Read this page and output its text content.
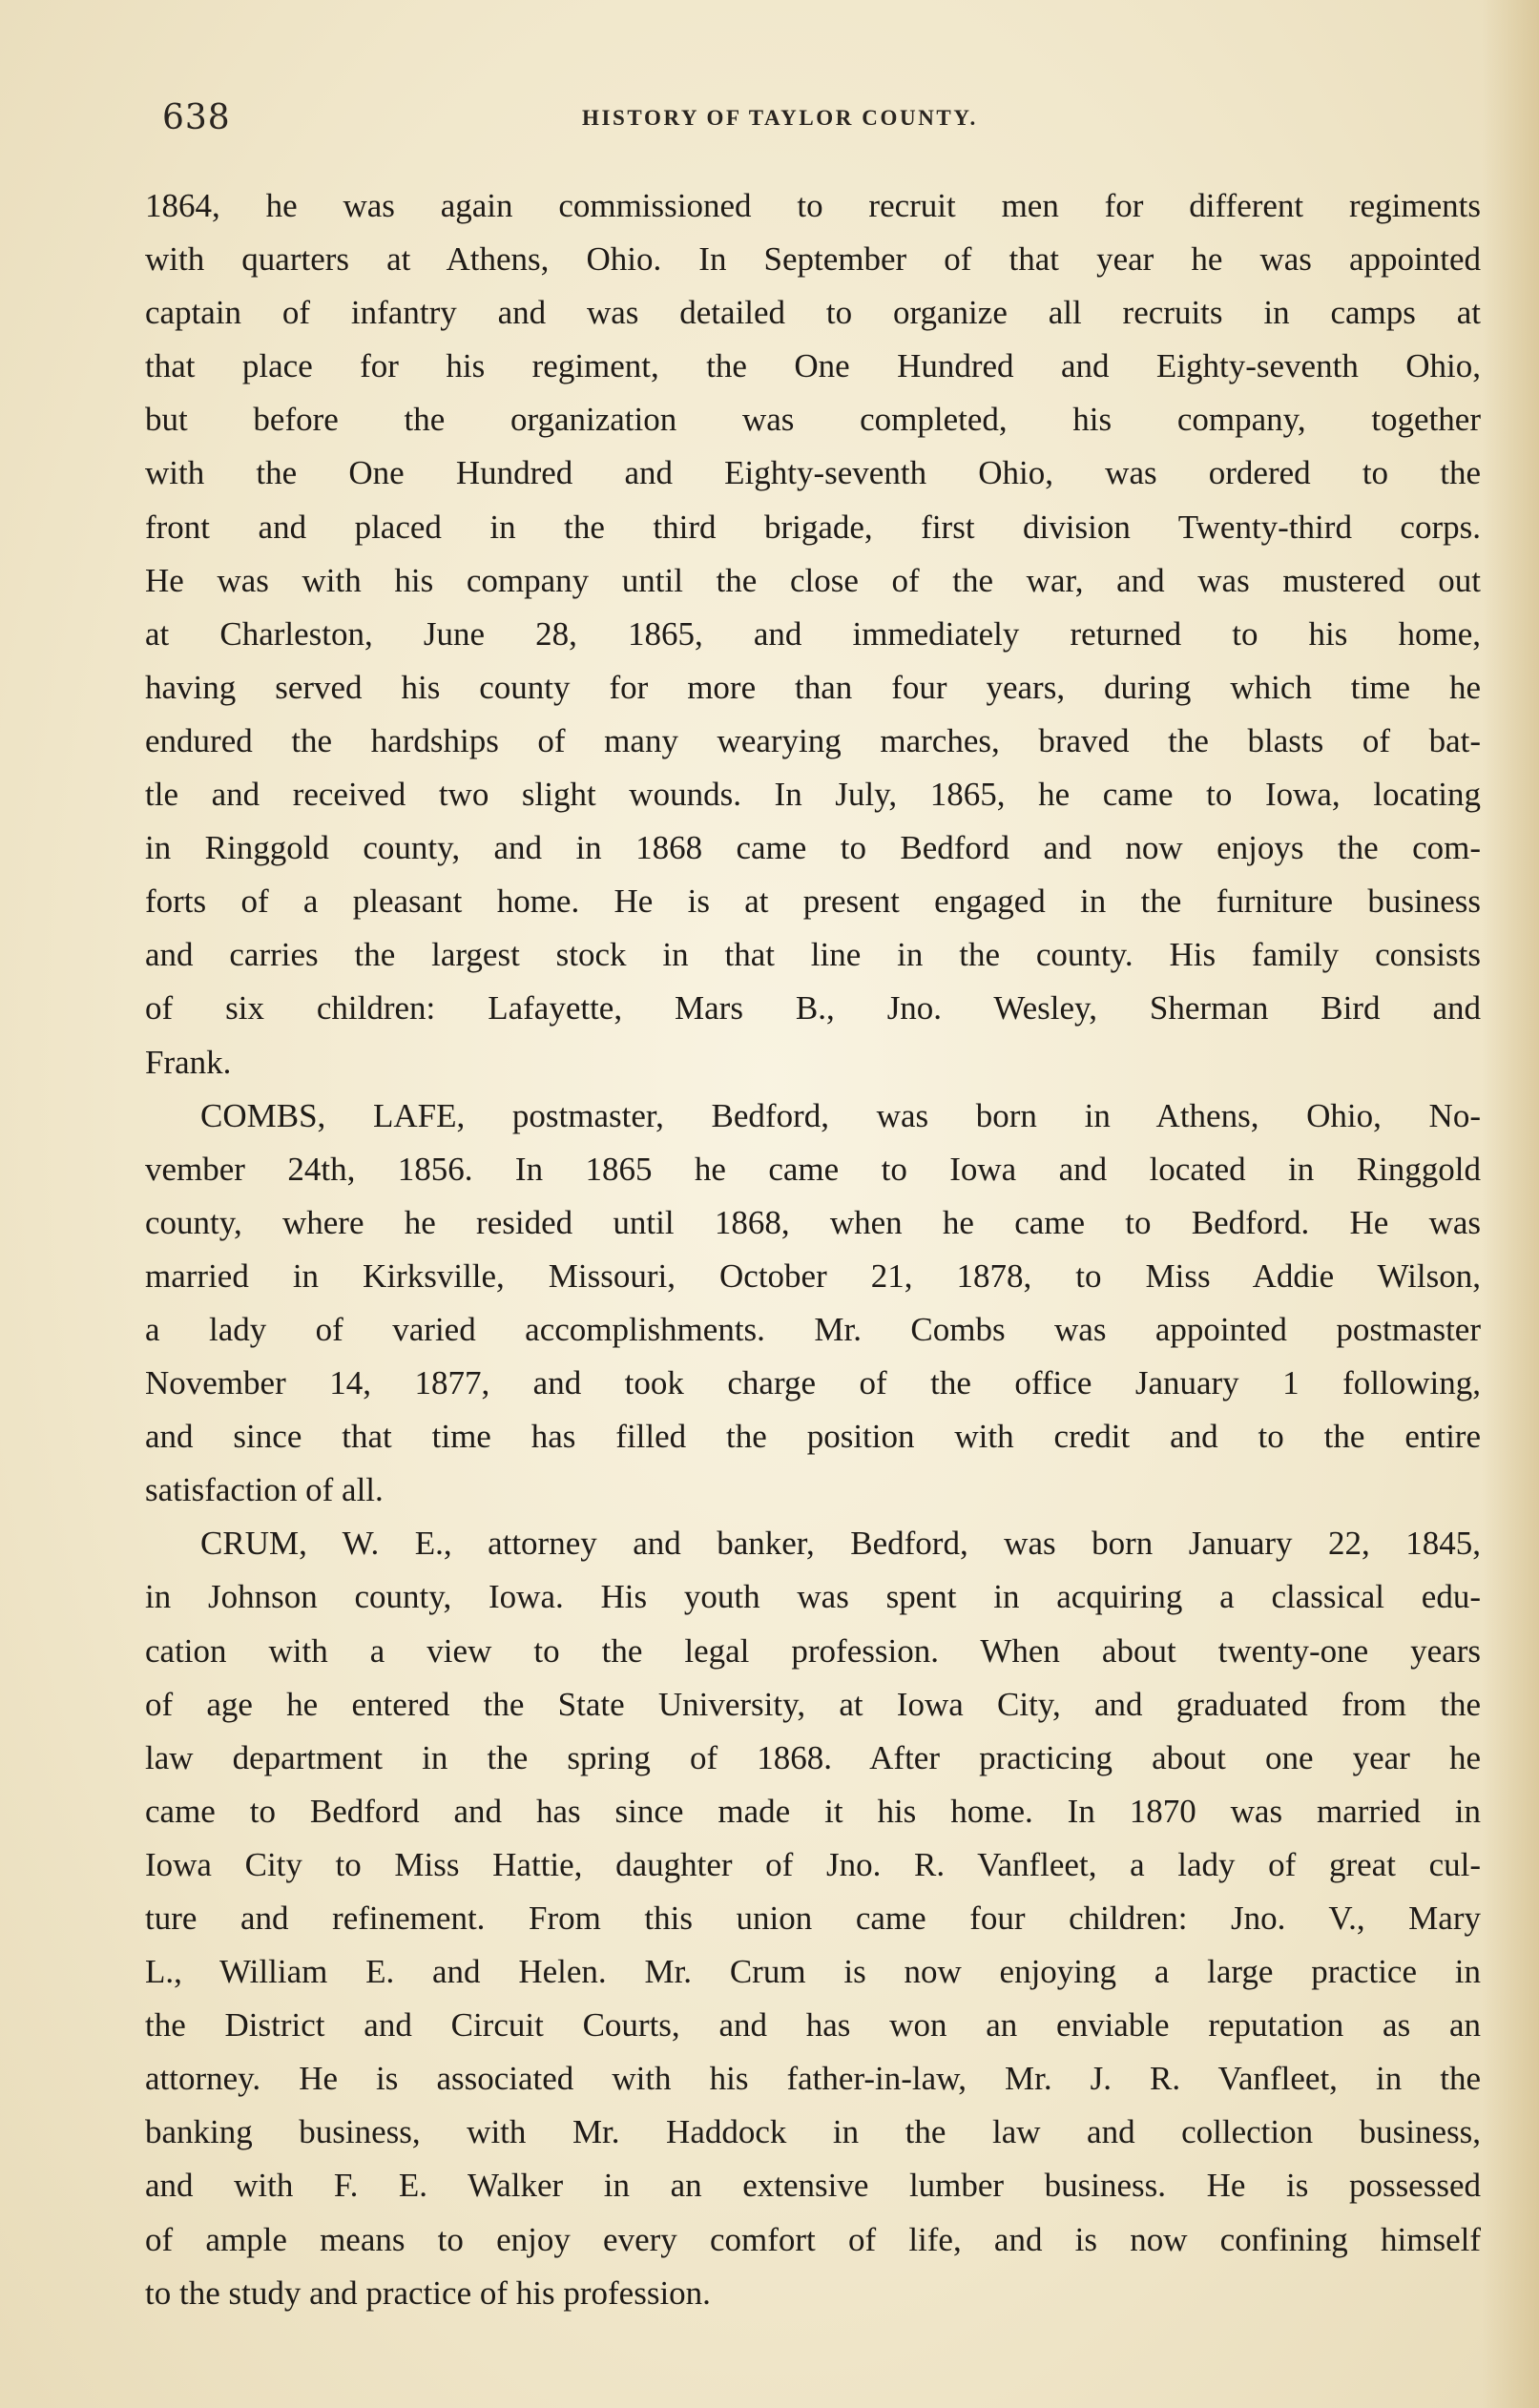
638	HISTORY OF TAYLOR COUNTY.
1864, he was again commissioned to recruit men for different regiments
with quarters at Athens, Ohio. In September of that year he was appointed
captain of infantry and was detailed to organize all recruits in camps at
that place for his regiment, the One Hundred and Eighty-seventh Ohio,
but before the organization was completed, his company, together
with the One Hundred and Eighty-seventh Ohio, was ordered to the
front and placed in the third brigade, first division Twenty-third corps.
He was with his company until the close of the war, and was mustered out
at Charleston, June 28, 1865, and immediately returned to his home,
having served his county for more than four years, during which time he
endured the hardships of many wearying marches, braved the blasts of bat-
tle and received two slight wounds. In July, 1865, he came to Iowa, locating
in Ringgold county, and in 1868 came to Bedford and now enjoys the com-
forts of a pleasant home. He is at present engaged in the furniture business
and carries the largest stock in that line in the county. His family consists
of six children: Lafayette, Mars B., Jno. Wesley, Sherman Bird and
Frank.
COMBS, LAFE, postmaster, Bedford, was born in Athens, Ohio, No-
vember 24th, 1856. In 1865 he came to Iowa and located in Ringgold
county, where he resided until 1868, when he came to Bedford. He was
married in Kirksville, Missouri, October 21, 1878, to Miss Addie Wilson,
a lady of varied accomplishments. Mr. Combs was appointed postmaster
November 14, 1877, and took charge of the office January 1 following,
and since that time has filled the position with credit and to the entire
satisfaction of all.
CRUM, W. E., attorney and banker, Bedford, was born January 22, 1845,
in Johnson county, Iowa. His youth was spent in acquiring a classical edu-
cation with a view to the legal profession. When about twenty-one years
of age he entered the State University, at Iowa City, and graduated from the
law department in the spring of 1868. After practicing about one year he
came to Bedford and has since made it his home. In 1870 was married in
Iowa City to Miss Hattie, daughter of Jno. R. Vanfleet, a lady of great cul-
ture and refinement. From this union came four children: Jno. V., Mary
L., William E. and Helen. Mr. Crum is now enjoying a large practice in
the District and Circuit Courts, and has won an enviable reputation as an
attorney. He is associated with his father-in-law, Mr. J. R. Vanfleet, in the
banking business, with Mr. Haddock in the law and collection business,
and with F. E. Walker in an extensive lumber business. He is possessed
of ample means to enjoy every comfort of life, and is now confining himself
to the study and practice of his profession.
